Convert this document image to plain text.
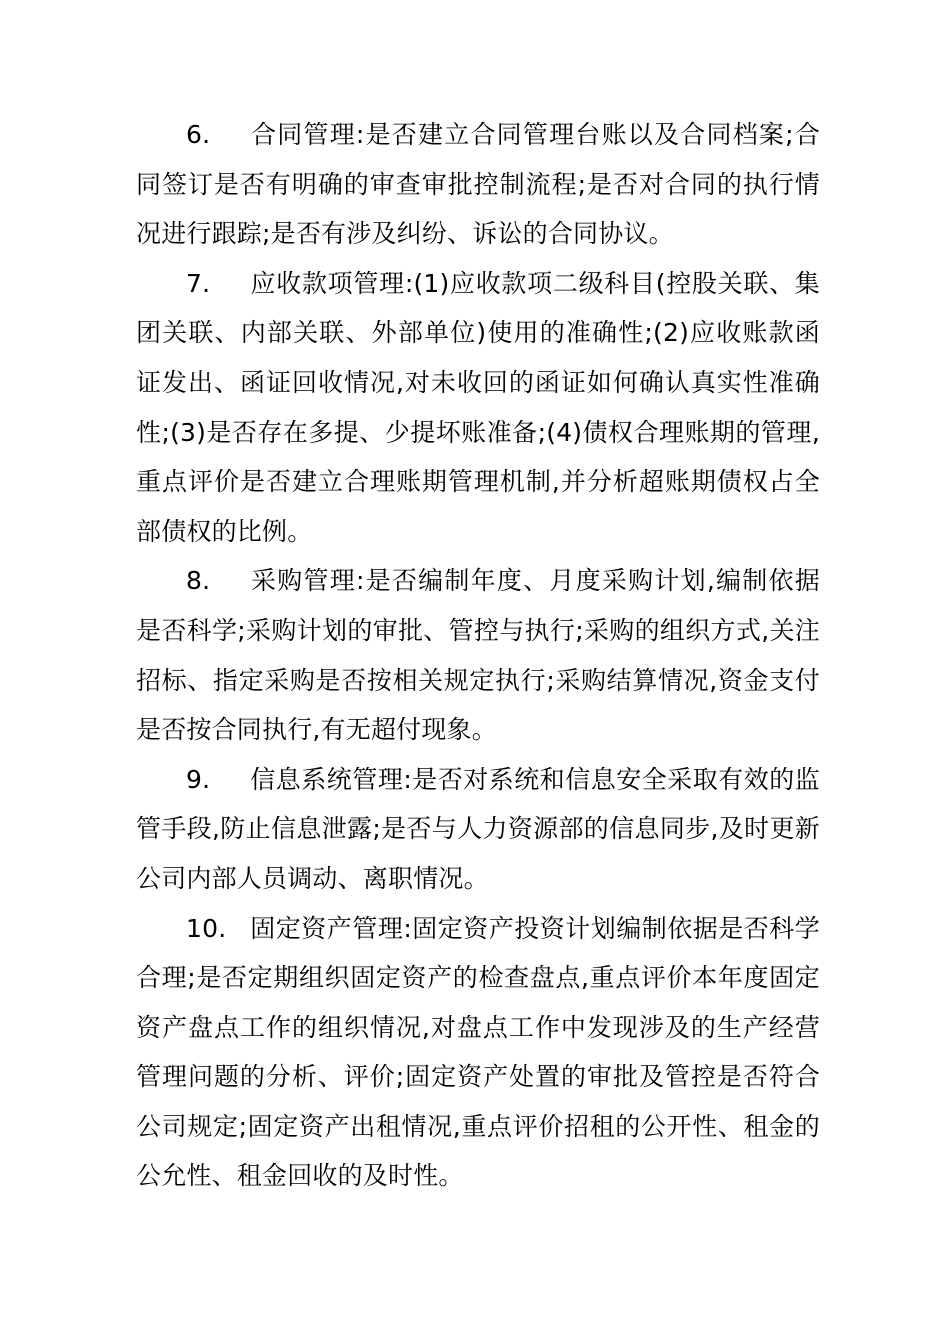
6. 合同管理:是否建立合同管理台账以及合同档案;合同签订是否有明确的审查审批控制流程;是否对合同的执行情况进行跟踪;是否有涉及纠纷、诉讼的合同协议。

7. 应收款项管理:(1)应收款项二级科目(控股关联、集团关联、内部关联、外部单位)使用的准确性;(2)应收账款函证发出、函证回收情况,对未收回的函证如何确认真实性准确性;(3)是否存在多提、少提坏账准备;(4)债权合理账期的管理,重点评价是否建立合理账期管理机制,并分析超账期债权占全部债权的比例。

8. 采购管理:是否编制年度、月度采购计划,编制依据是否科学;采购计划的审批、管控与执行;采购的组织方式,关注招标、指定采购是否按相关规定执行;采购结算情况,资金支付是否按合同执行,有无超付现象。

9. 信息系统管理:是否对系统和信息安全采取有效的监管手段,防止信息泄露;是否与人力资源部的信息同步,及时更新公司内部人员调动、离职情况。

10. 固定资产管理:固定资产投资计划编制依据是否科学合理;是否定期组织固定资产的检查盘点,重点评价本年度固定资产盘点工作的组织情况,对盘点工作中发现涉及的生产经营管理问题的分析、评价;固定资产处置的审批及管控是否符合公司规定;固定资产出租情况,重点评价招租的公开性、租金的公允性、租金回收的及时性。
